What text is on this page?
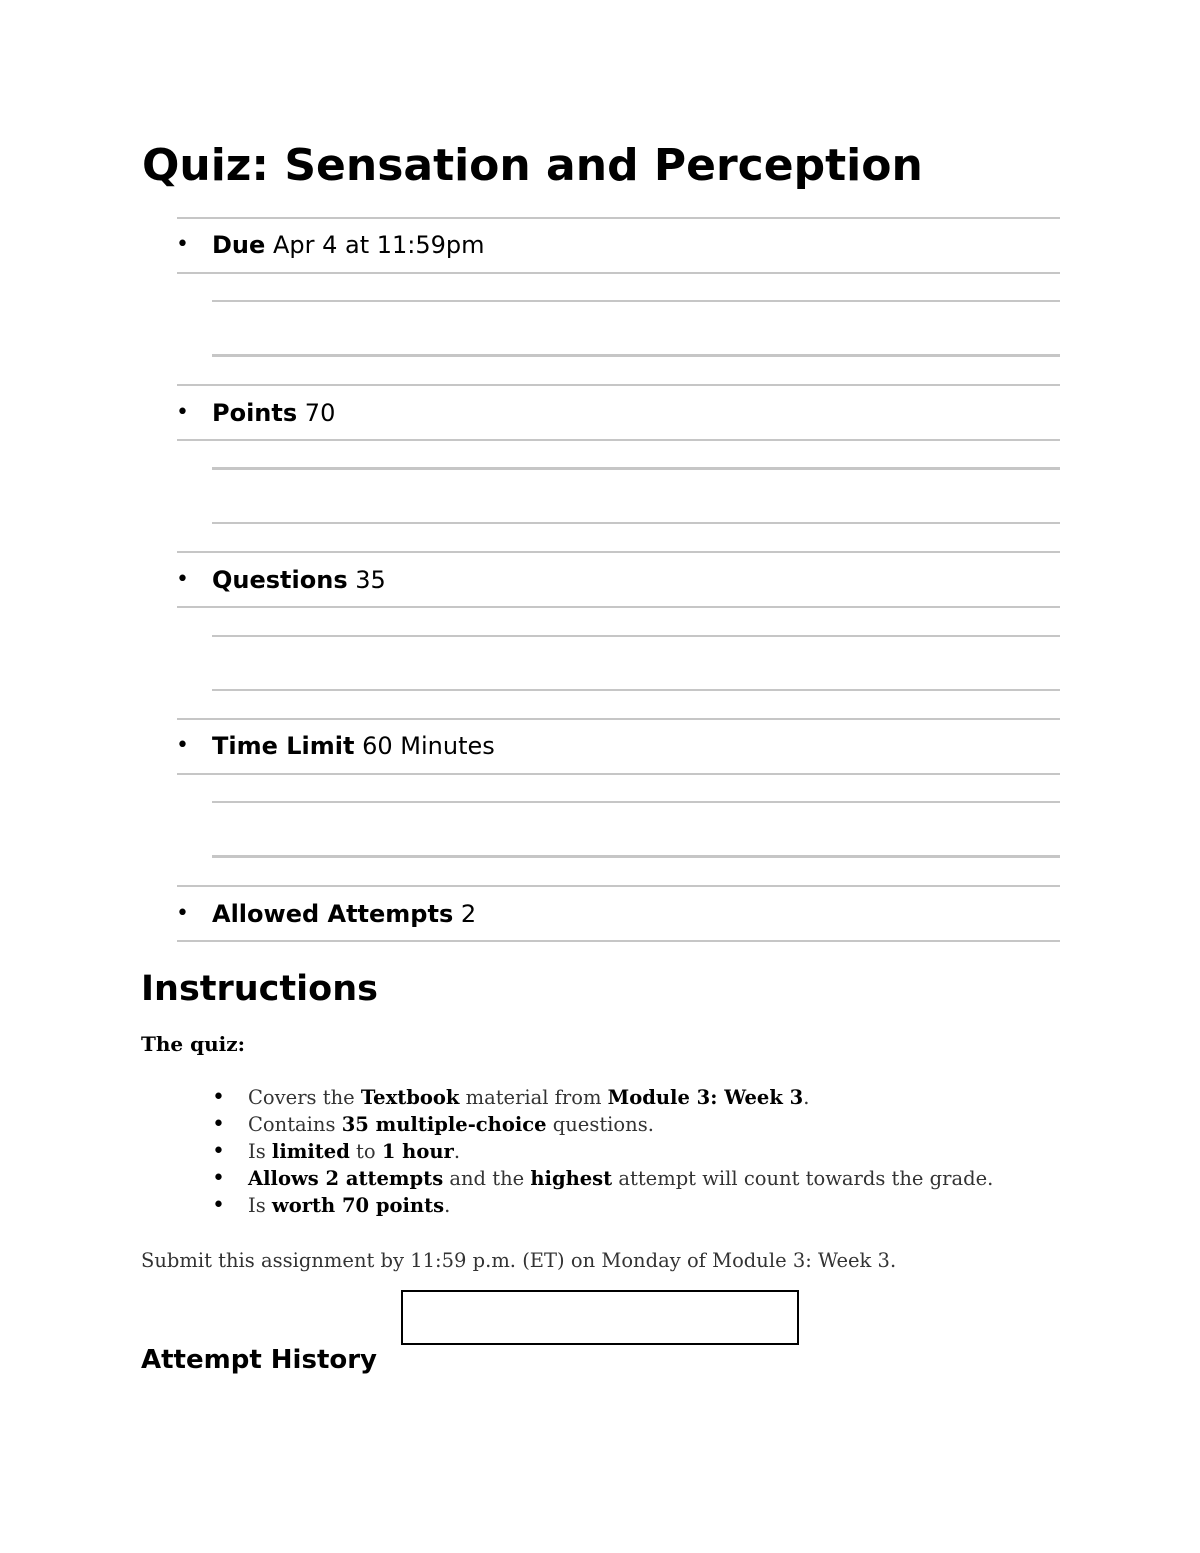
Quiz: Sensation and Perception
• Due Apr 4 at 11:59pm
• Points 70
• Questions 35
• Time Limit 60 Minutes
• Allowed Attempts 2
Instructions
The quiz:
• Covers the Textbook material from Module 3: Week 3.
• Contains 35 multiple-choice questions.
• Is limited to 1 hour.
• Allows 2 attempts and the highest attempt will count towards the grade.
• Is worth 70 points.
Submit this assignment by 11:59 p.m. (ET) on Monday of Module 3: Week 3.
Attempt History
